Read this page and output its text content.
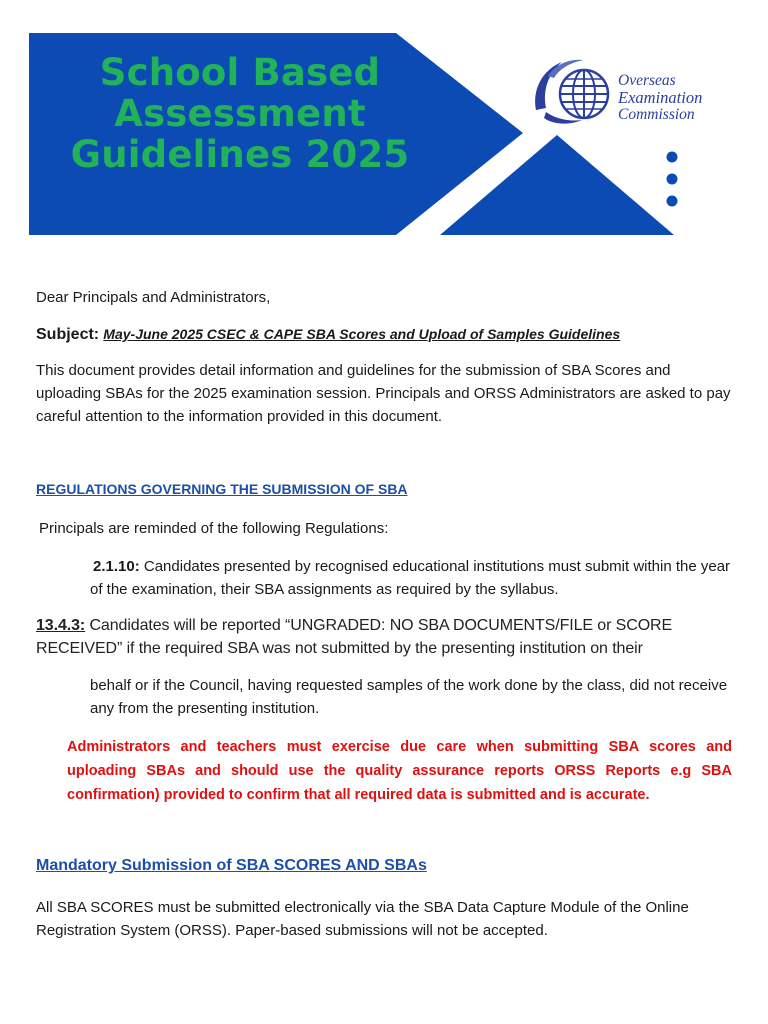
School Based
Assessment
Guidelines 2025
Overseas
Examination
Commission

Dear Principals and Administrators,

Subject: May-June 2025 CSEC & CAPE SBA Scores and Upload of Samples Guidelines

This document provides detail information and guidelines for the submission of SBA Scores and uploading SBAs for the 2025 examination session. Principals and ORSS Administrators are asked to pay careful attention to the information provided in this document.

REGULATIONS GOVERNING THE SUBMISSION OF SBA

Principals are reminded of the following Regulations:

2.1.10: Candidates presented by recognised educational institutions must submit within the year of the examination, their SBA assignments as required by the syllabus.

13.4.3: Candidates will be reported “UNGRADED: NO SBA DOCUMENTS/FILE or SCORE RECEIVED” if the required SBA was not submitted by the presenting institution on their

behalf or if the Council, having requested samples of the work done by the class, did not receive any from the presenting institution.

Administrators and teachers must exercise due care when submitting SBA scores and uploading SBAs and should use the quality assurance reports ORSS Reports e.g SBA confirmation) provided to confirm that all required data is submitted and is accurate.

Mandatory Submission of SBA SCORES AND SBAs

All SBA SCORES must be submitted electronically via the SBA Data Capture Module of the Online Registration System (ORSS). Paper-based submissions will not be accepted.
